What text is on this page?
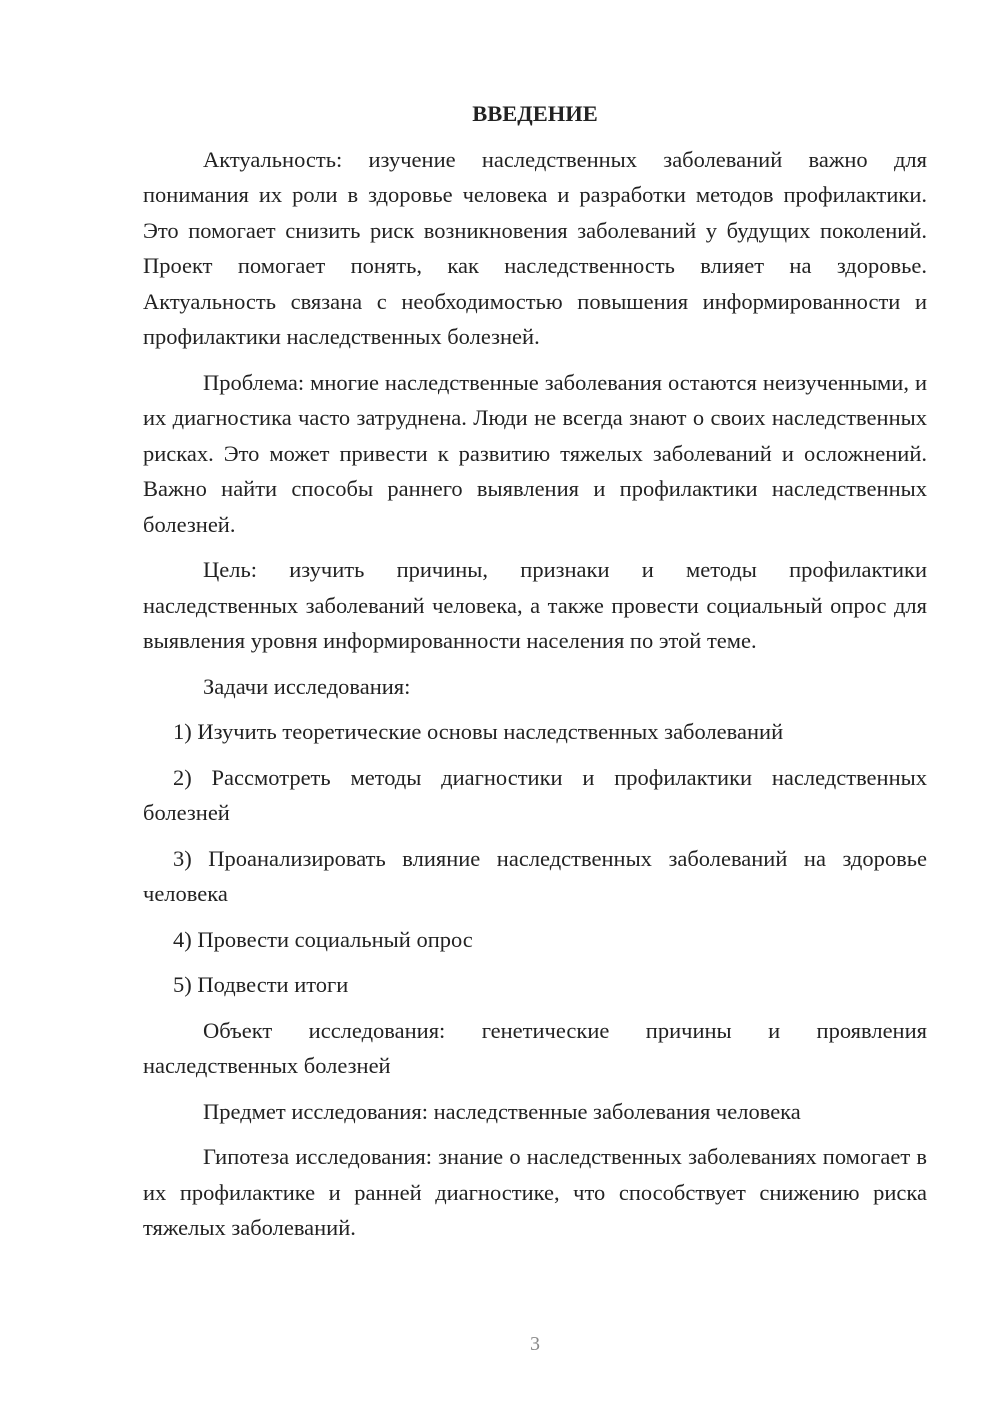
ВВЕДЕНИЕ

Актуальность: изучение наследственных заболеваний важно для понимания их роли в здоровье человека и разработки методов профилактики. Это помогает снизить риск возникновения заболеваний у будущих поколений. Проект помогает понять, как наследственность влияет на здоровье. Актуальность связана с необходимостью повышения информированности и профилактики наследственных болезней.

Проблема: многие наследственные заболевания остаются неизученными, и их диагностика часто затруднена. Люди не всегда знают о своих наследственных рисках. Это может привести к развитию тяжелых заболеваний и осложнений. Важно найти способы раннего выявления и профилактики наследственных болезней.

Цель: изучить причины, признаки и методы профилактики наследственных заболеваний человека, а также провести социальный опрос для выявления уровня информированности населения по этой теме.

Задачи исследования:

1) Изучить теоретические основы наследственных заболеваний

2) Рассмотреть методы диагностики и профилактики наследственных болезней

3) Проанализировать влияние наследственных заболеваний на здоровье человека

4) Провести социальный опрос

5) Подвести итоги

Объект исследования: генетические причины и проявления наследственных болезней

Предмет исследования: наследственные заболевания человека

Гипотеза исследования: знание о наследственных заболеваниях помогает в их профилактике и ранней диагностике, что способствует снижению риска тяжелых заболеваний.

3
